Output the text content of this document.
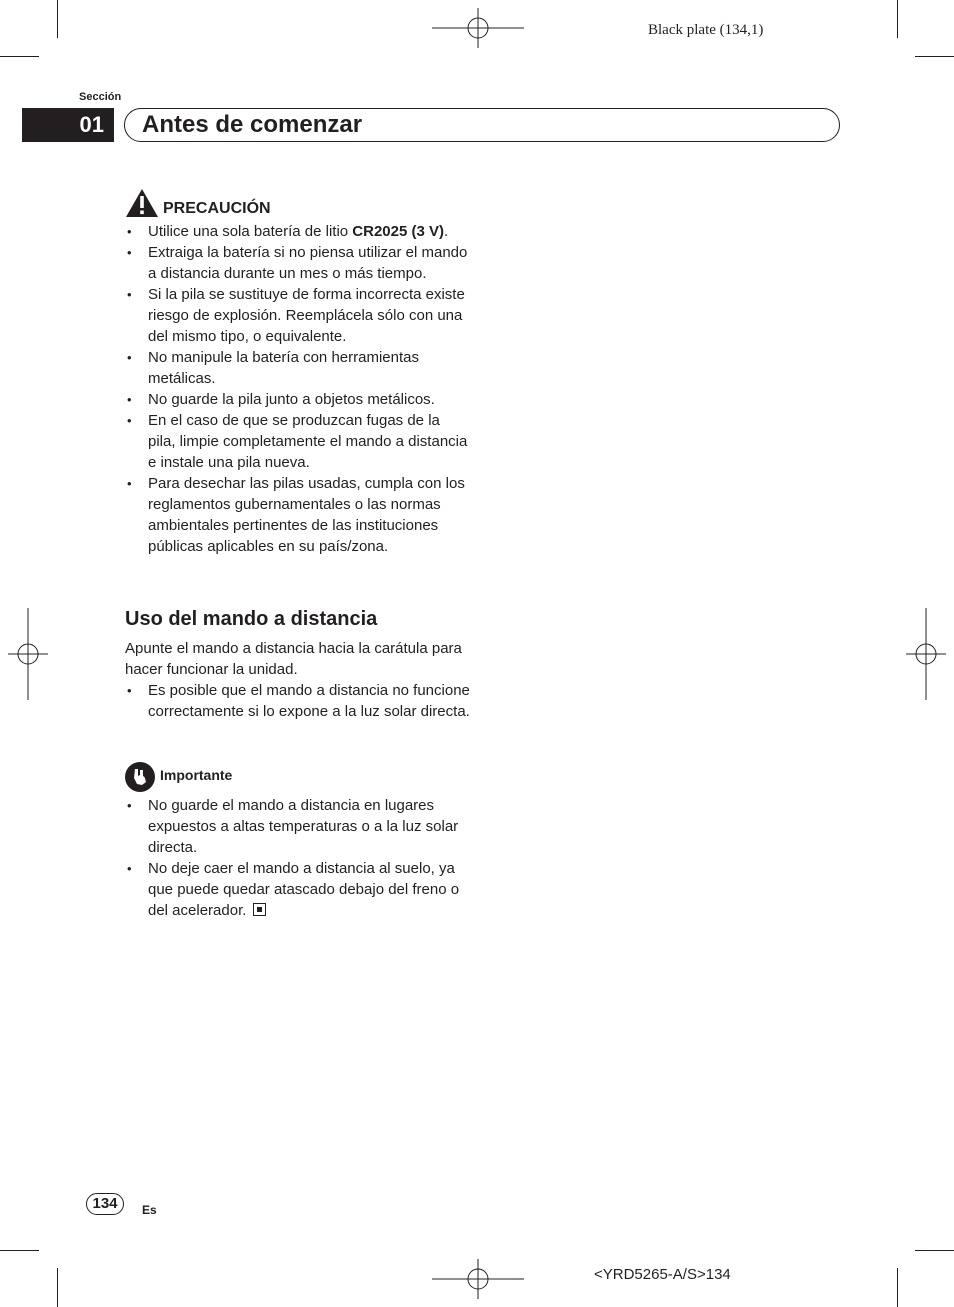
Black plate (134,1)
Sección
01	Antes de comenzar
PRECAUCIÓN
• Utilice una sola batería de litio CR2025 (3 V).
• Extraiga la batería si no piensa utilizar el mando a distancia durante un mes o más tiempo.
• Si la pila se sustituye de forma incorrecta existe riesgo de explosión. Reemplácela sólo con una del mismo tipo, o equivalente.
• No manipule la batería con herramientas metálicas.
• No guarde la pila junto a objetos metálicos.
• En el caso de que se produzcan fugas de la pila, limpie completamente el mando a distancia e instale una pila nueva.
• Para desechar las pilas usadas, cumpla con los reglamentos gubernamentales o las normas ambientales pertinentes de las instituciones públicas aplicables en su país/zona.
Uso del mando a distancia
Apunte el mando a distancia hacia la carátula para hacer funcionar la unidad.
• Es posible que el mando a distancia no funcione correctamente si lo expone a la luz solar directa.
Importante
• No guarde el mando a distancia en lugares expuestos a altas temperaturas o a la luz solar directa.
• No deje caer el mando a distancia al suelo, ya que puede quedar atascado debajo del freno o del acelerador.
134	Es
<YRD5265-A/S>134
